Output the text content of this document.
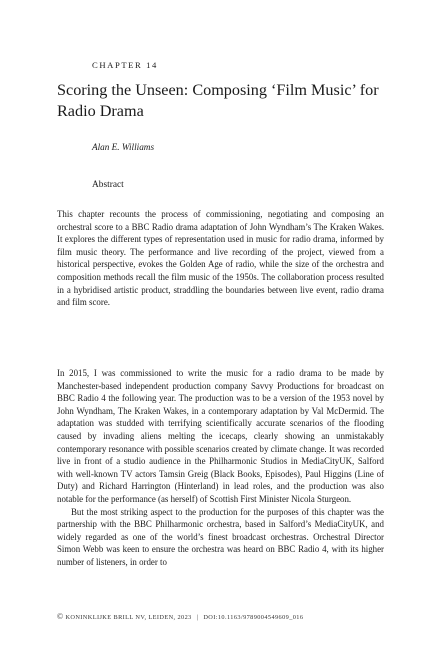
CHAPTER 14
Scoring the Unseen: Composing ‘Film Music’ for Radio Drama
Alan E. Williams
Abstract

This chapter recounts the process of commissioning, negotiating and composing an orchestral score to a BBC Radio drama adaptation of John Wyndham’s The Kraken Wakes. It explores the different types of representation used in music for radio drama, informed by film music theory. The performance and live recording of the project, viewed from a historical perspective, evokes the Golden Age of radio, while the size of the orchestra and composition methods recall the film music of the 1950s. The collaboration process resulted in a hybridised artistic product, straddling the boundaries between live event, radio drama and film score.

In 2015, I was commissioned to write the music for a radio drama to be made by Manchester-based independent production company Savvy Productions for broadcast on BBC Radio 4 the following year. The production was to be a version of the 1953 novel by John Wyndham, The Kraken Wakes, in a contemporary adaptation by Val McDermid. The adaptation was studded with terrifying scientifically accurate scenarios of the flooding caused by invading aliens melting the icecaps, clearly showing an unmistakably contemporary resonance with possible scenarios created by climate change. It was recorded live in front of a studio audience in the Philharmonic Studios in MediaCityUK, Salford with well-known TV actors Tamsin Greig (Black Books, Episodes), Paul Higgins (Line of Duty) and Richard Harrington (Hinterland) in lead roles, and the production was also notable for the performance (as herself) of Scottish First Minister Nicola Sturgeon.

But the most striking aspect to the production for the purposes of this chapter was the partnership with the BBC Philharmonic orchestra, based in Salford’s MediaCityUK, and widely regarded as one of the world’s finest broadcast orchestras. Orchestral Director Simon Webb was keen to ensure the orchestra was heard on BBC Radio 4, with its higher number of listeners, in order to

© KONINKLIJKE BRILL NV, LEIDEN, 2023 | DOI:10.1163/9789004549609_016
